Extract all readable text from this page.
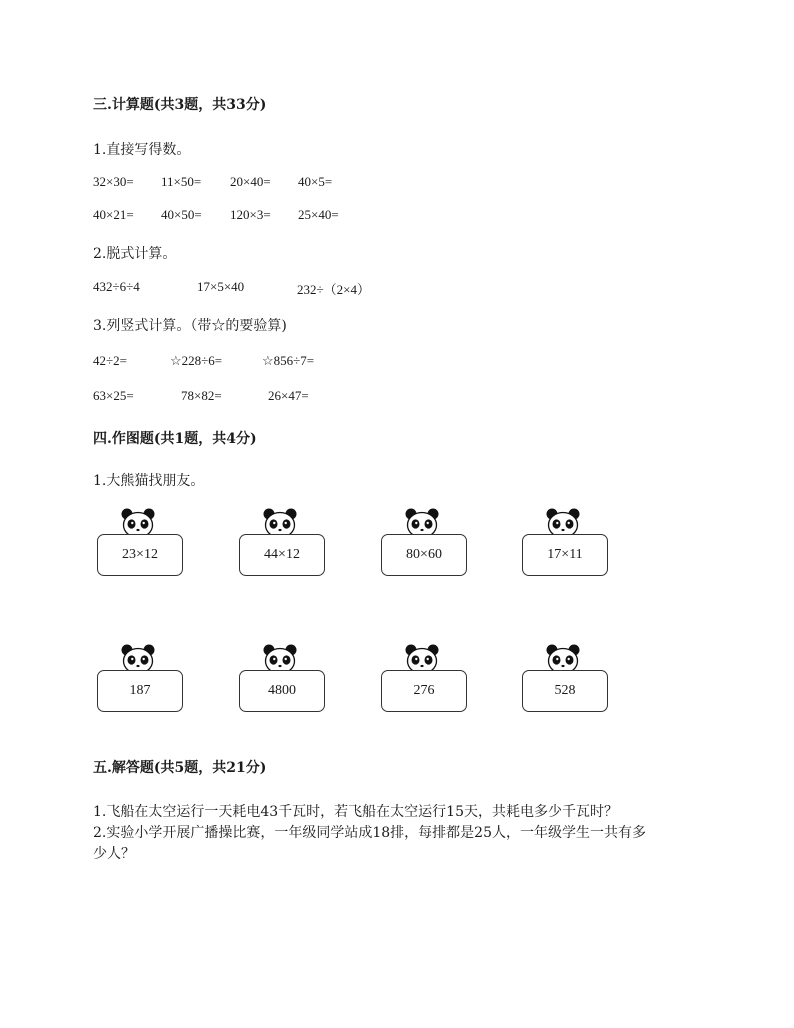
三.计算题(共3题，共33分)
1.直接写得数。
32×30= 11×50= 20×40= 40×5=
40×21= 40×50= 120×3= 25×40=
2.脱式计算。
432÷6÷4	17×5×40	232÷（2×4）
3.列竖式计算。（带☆的要验算)
42÷2=	☆228÷6=	☆856÷7=
63×25=	78×82=	26×47=
四.作图题(共1题，共4分)
1.大熊猫找朋友。
23×12	44×12	80×60	17×11
187	4800	276	528
五.解答题(共5题，共21分)
1.飞船在太空运行一天耗电43千瓦时，若飞船在太空运行15天，共耗电多少千瓦时？
2.实验小学开展广播操比赛，一年级同学站成18排，每排都是25人，一年级学生一共有多
少人？
